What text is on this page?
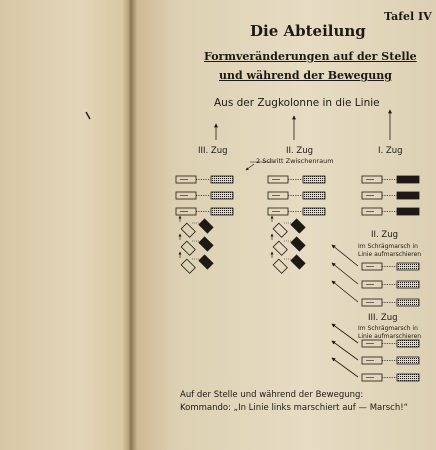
Tafel IV
Die Abteilung
Formveränderungen auf der Stelle
und während der Bewegung
Aus der Zugkolonne in die Linie
III. Zug	II. Zug	I. Zug
2 Schritt Zwischenraum
II. Zug
Im Schrägmarsch in
Linie aufmarschieren
III. Zug
Im Schrägmarsch in
Linie aufmarschieren
Auf der Stelle und während der Bewegung:
Kommando: „In Linie links marschiert auf — Marsch!“
